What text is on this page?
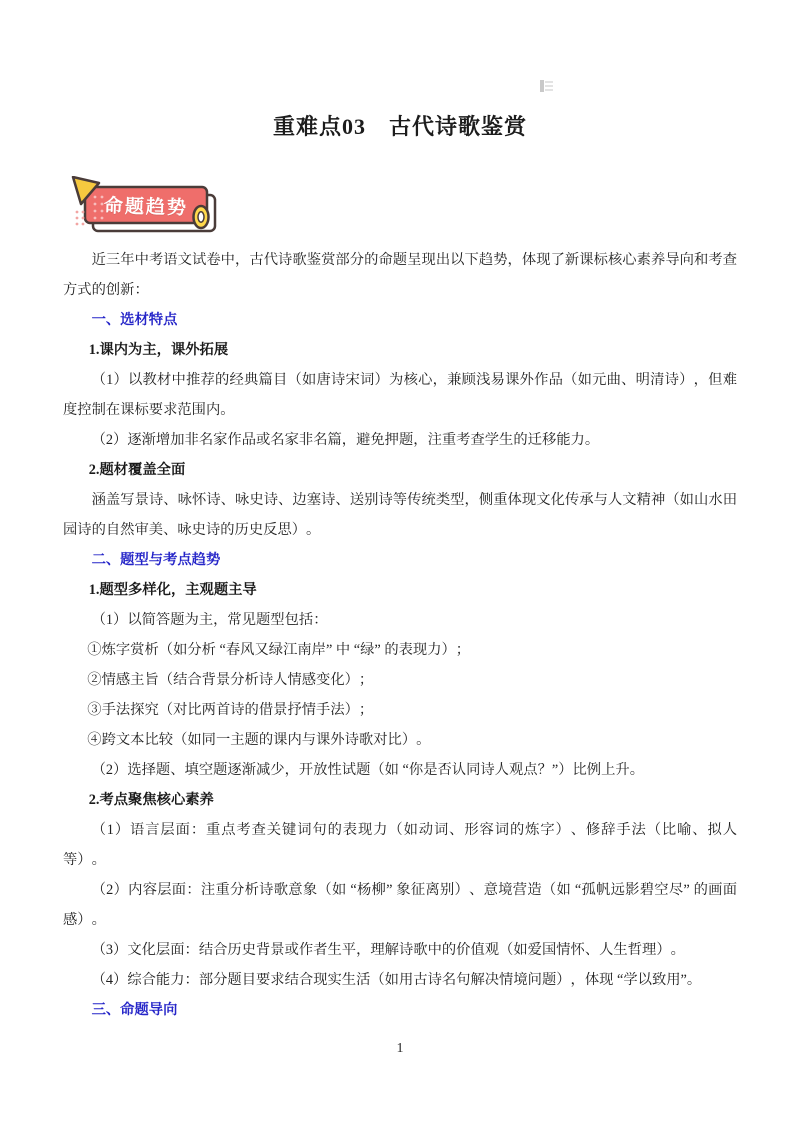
重难点03　古代诗歌鉴赏
命题趋势

近三年中考语文试卷中，古代诗歌鉴赏部分的命题呈现出以下趋势，体现了新课标核心素养导向和考查方式的创新：

一、选材特点

1.课内为主，课外拓展

（1）以教材中推荐的经典篇目（如唐诗宋词）为核心，兼顾浅易课外作品（如元曲、明清诗），但难度控制在课标要求范围内。

（2）逐渐增加非名家作品或名家非名篇，避免押题，注重考查学生的迁移能力。

2.题材覆盖全面

涵盖写景诗、咏怀诗、咏史诗、边塞诗、送别诗等传统类型，侧重体现文化传承与人文精神（如山水田园诗的自然审美、咏史诗的历史反思）。

二、题型与考点趋势

1.题型多样化，主观题主导

（1）以简答题为主，常见题型包括：

①炼字赏析（如分析 “春风又绿江南岸” 中 “绿” 的表现力）；

②情感主旨（结合背景分析诗人情感变化）；

③手法探究（对比两首诗的借景抒情手法）；

④跨文本比较（如同一主题的课内与课外诗歌对比）。

（2）选择题、填空题逐渐减少，开放性试题（如 “你是否认同诗人观点？”）比例上升。

2.考点聚焦核心素养

（1）语言层面：重点考查关键词句的表现力（如动词、形容词的炼字）、修辞手法（比喻、拟人等）。

（2）内容层面：注重分析诗歌意象（如 “杨柳” 象征离别）、意境营造（如 “孤帆远影碧空尽” 的画面感）。

（3）文化层面：结合历史背景或作者生平，理解诗歌中的价值观（如爱国情怀、人生哲理）。

（4）综合能力：部分题目要求结合现实生活（如用古诗名句解决情境问题），体现 “学以致用”。

三、命题导向

1
